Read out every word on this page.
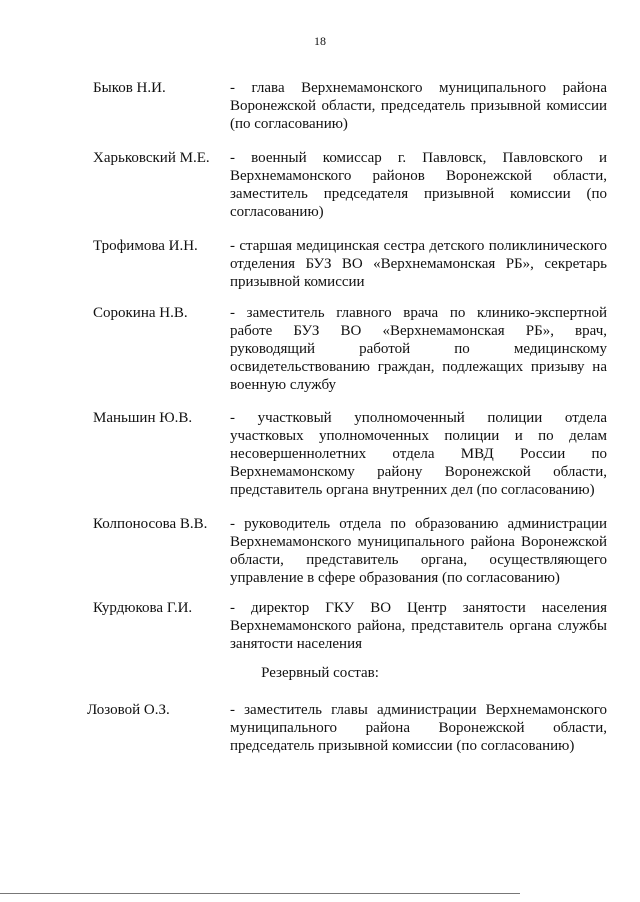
18
Быков Н.И.	- глава Верхнемамонского муниципального района Воронежской области, председатель призывной комиссии (по согласованию)
Харьковский М.Е. - военный комиссар г. Павловск, Павловского и Верхнемамонского районов Воронежской области, заместитель председателя призывной комиссии (по согласованию)
Трофимова И.Н. - старшая медицинская сестра детского поликлинического отделения БУЗ ВО «Верхнемамонская РБ», секретарь призывной комиссии
Сорокина Н.В.	- заместитель главного врача по клинико-экспертной работе БУЗ ВО «Верхнемамонская РБ», врач, руководящий работой по медицинскому освидетельствованию граждан, подлежащих призыву на военную службу
Маньшин Ю.В.	- участковый уполномоченный полиции отдела участковых уполномоченных полиции и по делам несовершеннолетних отдела МВД России по Верхнемамонскому району Воронежской области, представитель органа внутренних дел (по согласованию)
Колпоносова В.В. - руководитель отдела по образованию администрации Верхнемамонского муниципального района Воронежской области, представитель органа, осуществляющего управление в сфере образования (по согласованию)
Курдюкова Г.И.	- директор ГКУ ВО Центр занятости населения Верхнемамонского района, представитель органа службы занятости населения
Резервный состав:
Лозовой О.З.	- заместитель главы администрации Верхнемамонского муниципального района Воронежской области, председатель призывной комиссии (по согласованию)
